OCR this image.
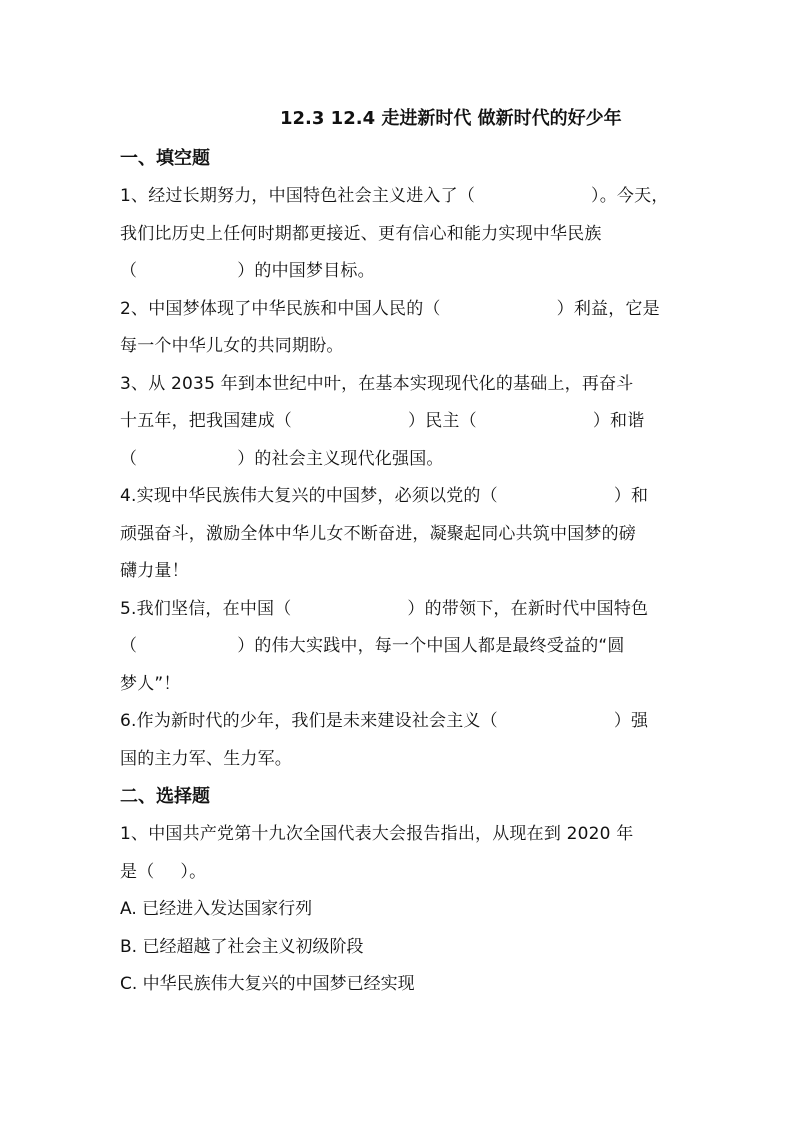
12.3 12.4 走进新时代 做新时代的好少年
一、填空题

1、经过长期努力，中国特色社会主义进入了（	）。今天，
我们比历史上任何时期都更接近、更有信心和能力实现中华民族
（	）的中国梦目标。

2、中国梦体现了中华民族和中国人民的（	）利益，它是
每一个中华儿女的共同期盼。

3、从 2035 年到本世纪中叶，在基本实现现代化的基础上，再奋斗
十五年，把我国建成（	）民主（	）和谐
（	）的社会主义现代化强国。

4.实现中华民族伟大复兴的中国梦，必须以党的（	）和
顽强奋斗，激励全体中华儿女不断奋进，凝聚起同心共筑中国梦的磅
礴力量！

5.我们坚信，在中国（	）的带领下，在新时代中国特色
（	）的伟大实践中，每一个中国人都是最终受益的“圆
梦人”！

6.作为新时代的少年，我们是未来建设社会主义（	）强
国的主力军、生力军。

二、选择题

1、中国共产党第十九次全国代表大会报告指出，从现在到 2020 年
是（ ）。

A. 已经进入发达国家行列

B. 已经超越了社会主义初级阶段

C. 中华民族伟大复兴的中国梦已经实现
